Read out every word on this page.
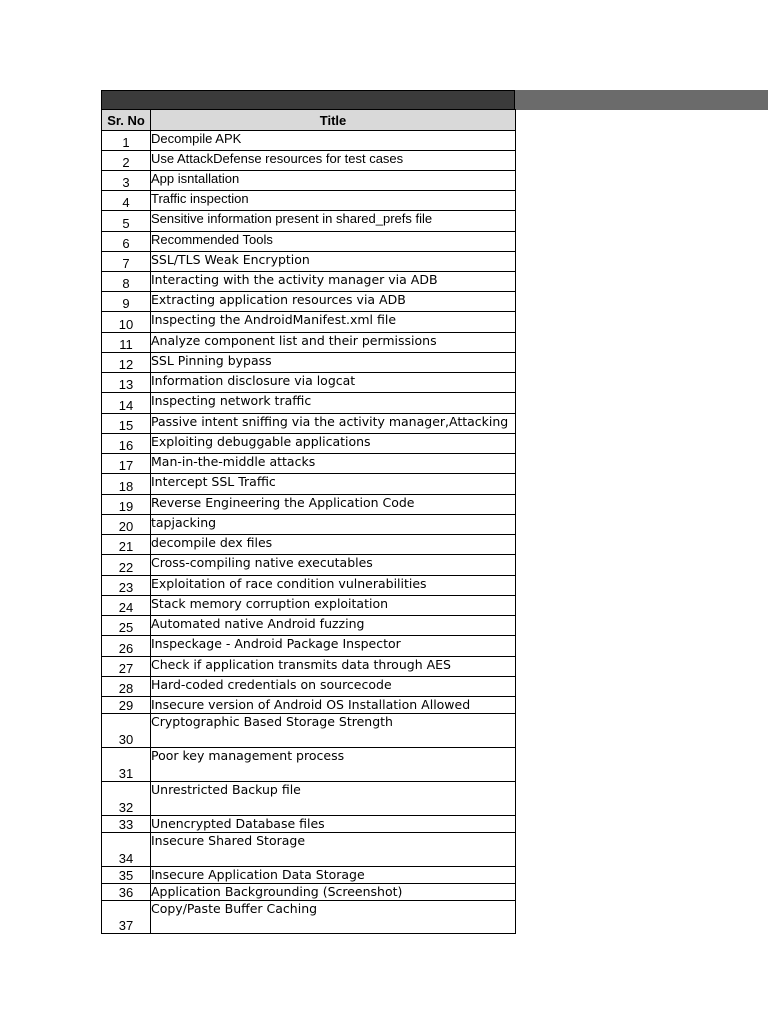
Sr. No	Title
1	Decompile APK
2	Use AttackDefense resources for test cases
3	App isntallation
4	Traffic inspection
5	Sensitive information present in shared_prefs file
6	Recommended Tools
7	SSL/TLS Weak Encryption
8	Interacting with the activity manager via ADB
9	Extracting application resources via ADB
10	Inspecting the AndroidManifest.xml file
11	Analyze component list and their permissions
12	SSL Pinning bypass
13	Information disclosure via logcat
14	Inspecting network traffic
15	Passive intent sniffing via the activity manager,Attacking
16	Exploiting debuggable applications
17	Man-in-the-middle attacks
18	Intercept SSL Traffic
19	Reverse Engineering the Application Code
20	tapjacking
21	decompile dex files
22	Cross-compiling native executables
23	Exploitation of race condition vulnerabilities
24	Stack memory corruption exploitation
25	Automated native Android fuzzing
26	Inspeckage - Android Package Inspector
27	Check if application transmits data through AES
28	Hard-coded credentials on sourcecode
29	Insecure version of Android OS Installation Allowed
30	Cryptographic Based Storage Strength
31	Poor key management process
32	Unrestricted Backup file
33	Unencrypted Database files
34	Insecure Shared Storage
35	Insecure Application Data Storage
36	Application Backgrounding (Screenshot)
37	Copy/Paste Buffer Caching
